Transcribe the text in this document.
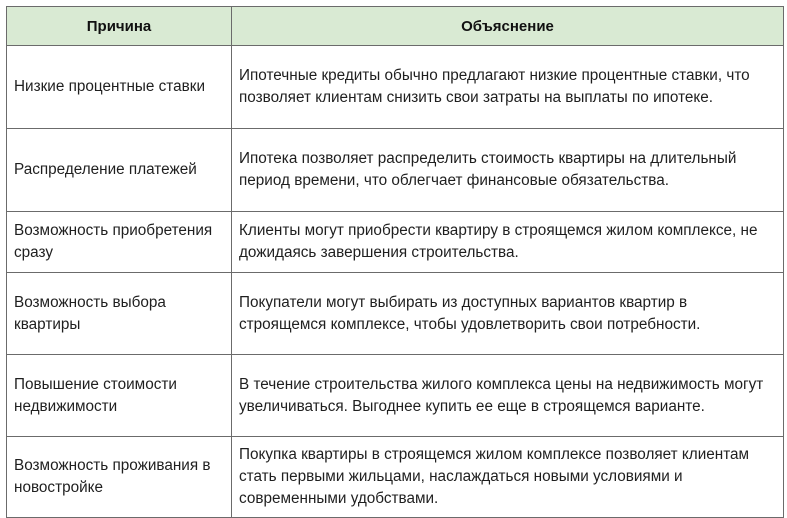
Причина	Объяснение
Низкие процентные ставки	Ипотечные кредиты обычно предлагают низкие процентные ставки, что позволяет клиентам снизить свои затраты на выплаты по ипотеке.
Распределение платежей	Ипотека позволяет распределить стоимость квартиры на длительный период времени, что облегчает финансовые обязательства.
Возможность приобретения сразу	Клиенты могут приобрести квартиру в строящемся жилом комплексе, не дожидаясь завершения строительства.
Возможность выбора квартиры	Покупатели могут выбирать из доступных вариантов квартир в строящемся комплексе, чтобы удовлетворить свои потребности.
Повышение стоимости недвижимости	В течение строительства жилого комплекса цены на недвижимость могут увеличиваться. Выгоднее купить ее еще в строящемся варианте.
Возможность проживания в новостройке	Покупка квартиры в строящемся жилом комплексе позволяет клиентам стать первыми жильцами, наслаждаться новыми условиями и современными удобствами.
